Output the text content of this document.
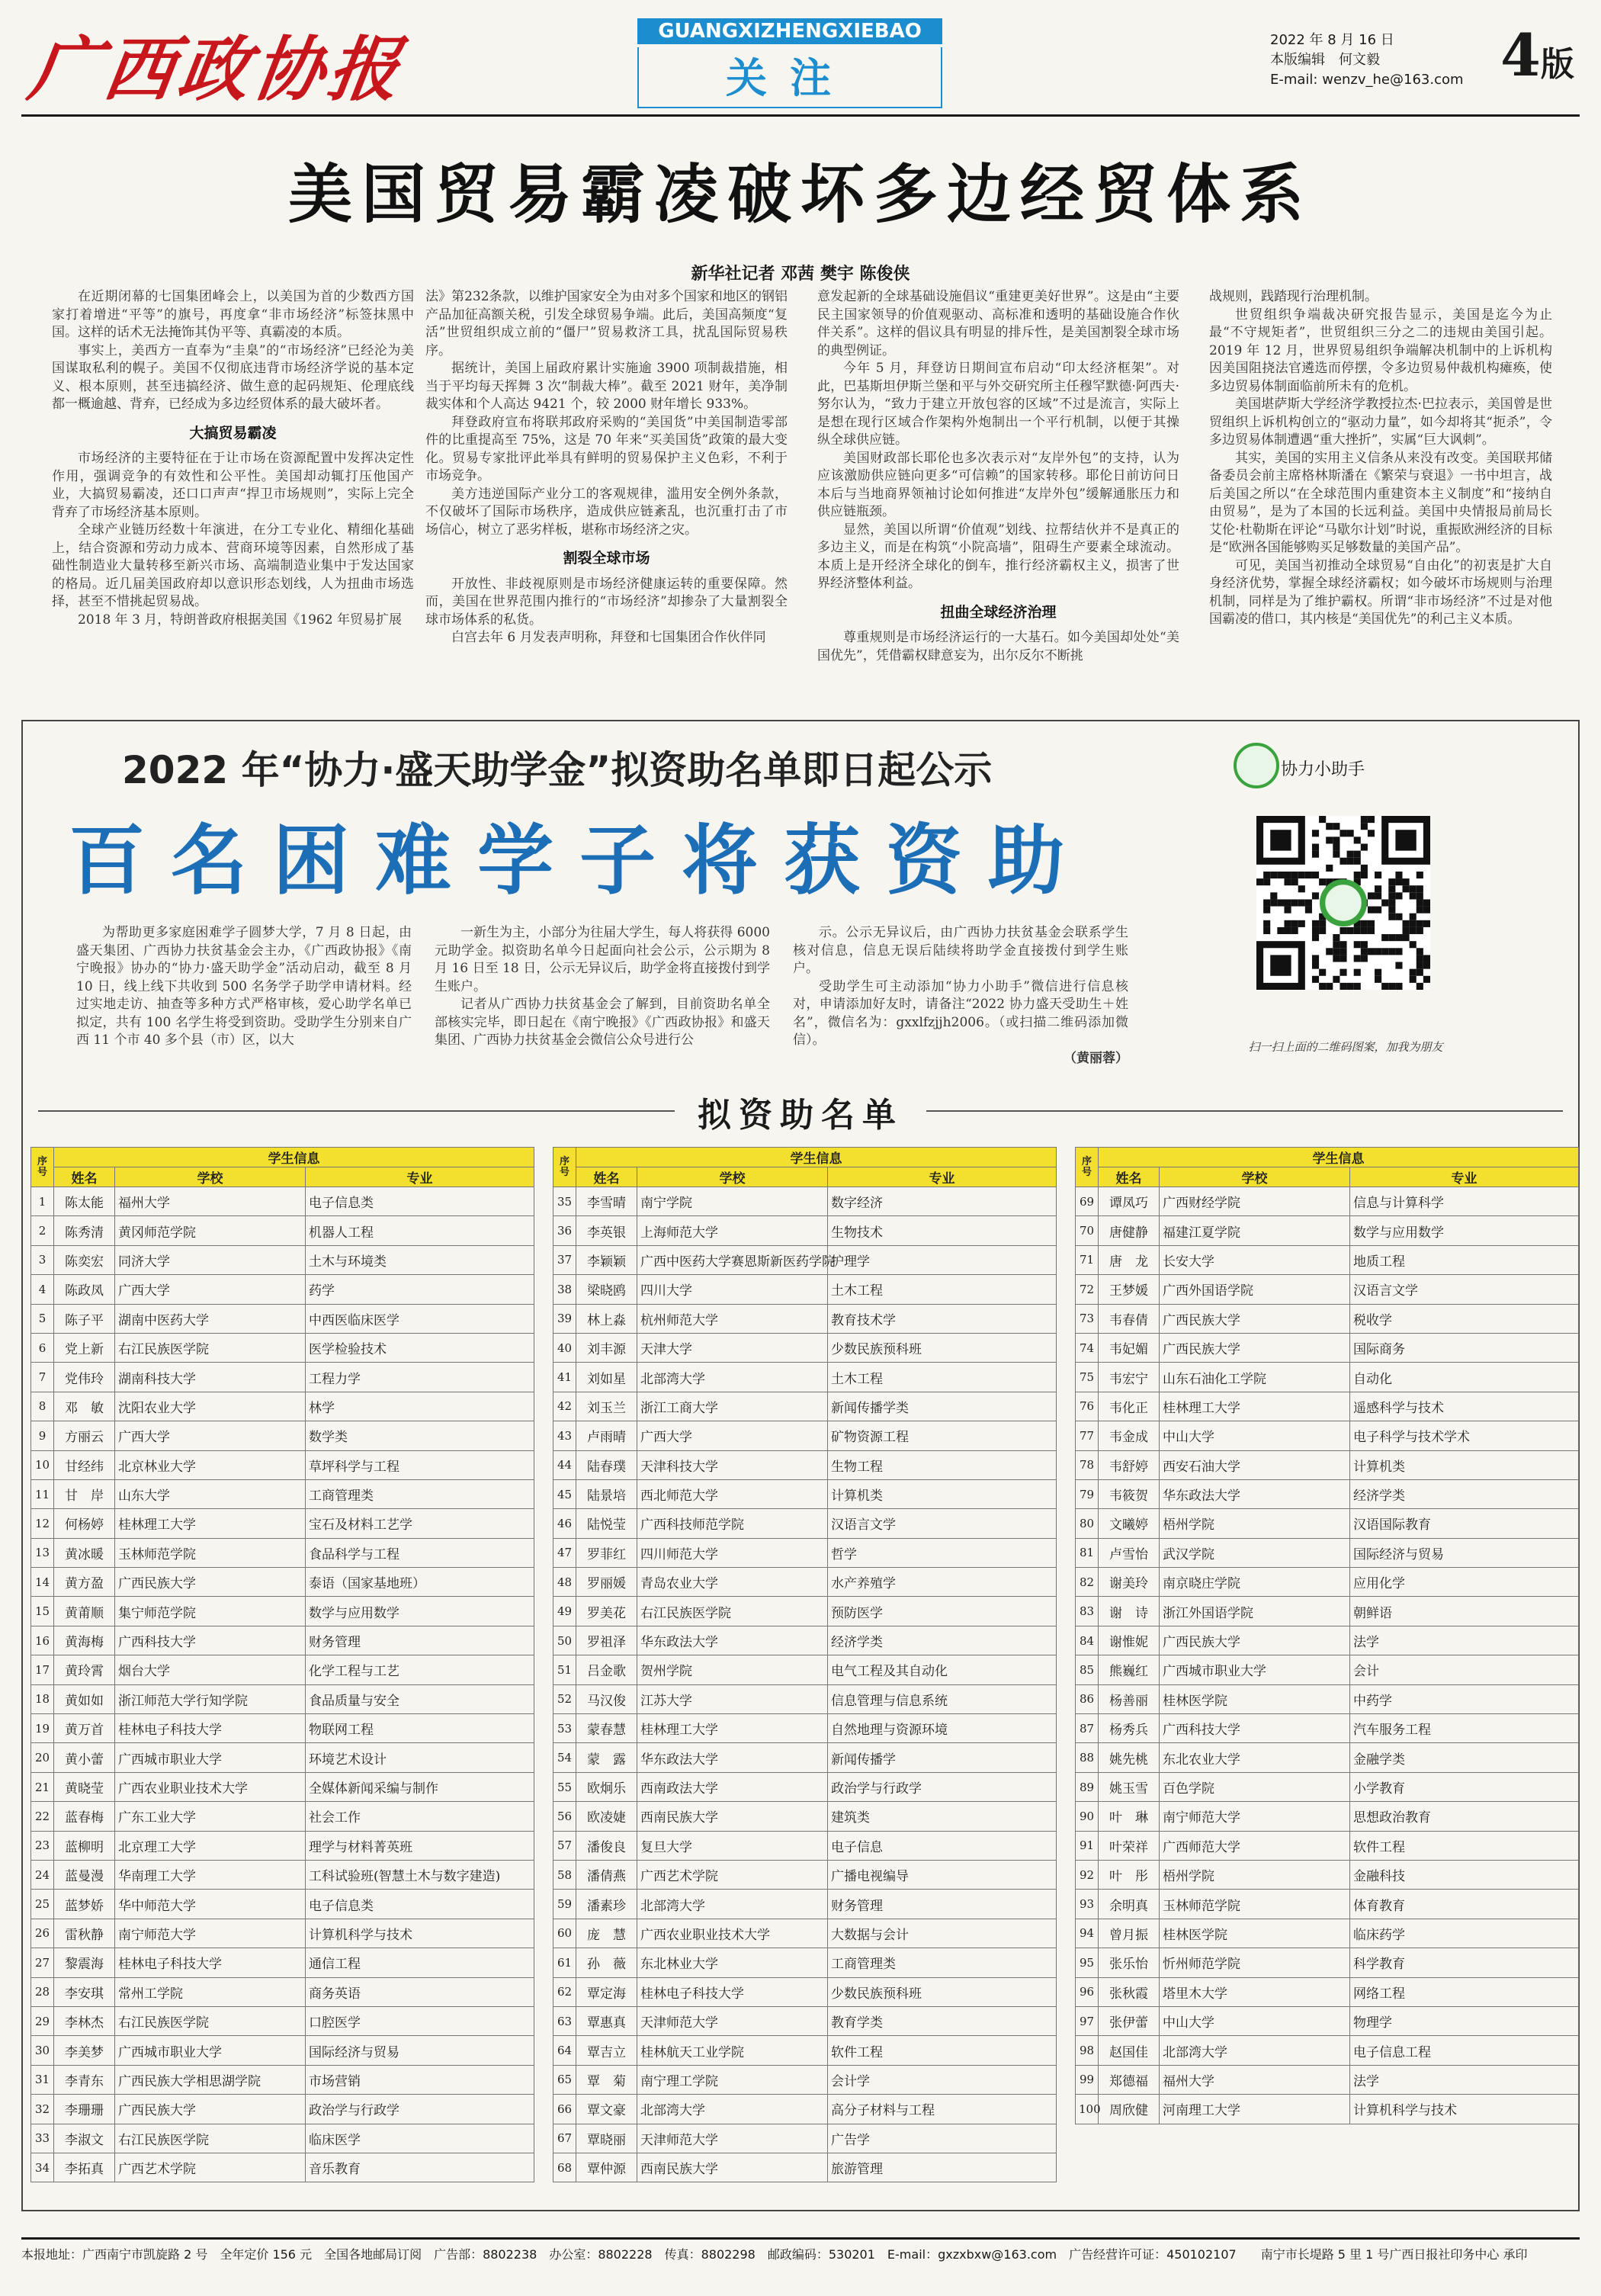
广西政协报	GUANGXIZHENGXIEBAO
关注
2022 年 8 月 16 日
本版编辑　何文毅
E-mail: wenzv_he@163.com 4版
美国贸易霸凌破坏多边经贸体系
新华社记者 邓茜 樊宇 陈俊侠

在近期闭幕的七国集团峰会上，以美国为首的少数西方国家打着增进“平等”的旗号，再度拿“非市场经济”标签抹黑中国。这样的话术无法掩饰其伪平等、真霸凌的本质。

事实上，美西方一直奉为“圭臬”的“市场经济”已经沦为美国谋取私利的幌子。美国不仅彻底违背市场经济学说的基本定义、根本原则，甚至违搞经济、做生意的起码规矩、伦理底线都一概逾越、背弃，已经成为多边经贸体系的最大破坏者。

大搞贸易霸凌

市场经济的主要特征在于让市场在资源配置中发挥决定性作用，强调竞争的有效性和公平性。美国却动辄打压他国产业，大搞贸易霸凌，还口口声声“捍卫市场规则”，实际上完全背弃了市场经济基本原则。

全球产业链历经数十年演进，在分工专业化、精细化基础上，结合资源和劳动力成本、营商环境等因素，自然形成了基础性制造业大量转移至新兴市场、高端制造业集中于发达国家的格局。近几届美国政府却以意识形态划线，人为扭曲市场选择，甚至不惜挑起贸易战。

2018 年 3 月，特朗普政府根据美国《1962 年贸易扩展

法》第232条款，以维护国家安全为由对多个国家和地区的钢铝产品加征高额关税，引发全球贸易争端。此后，美国高频度“复活”世贸组织成立前的“僵尸”贸易救济工具，扰乱国际贸易秩序。

据统计，美国上届政府累计实施逾 3900 项制裁措施，相当于平均每天挥舞 3 次“制裁大棒”。截至 2021 财年，美净制裁实体和个人高达 9421 个，较 2000 财年增长 933%。

拜登政府宣布将联邦政府采购的“美国货”中美国制造零部件的比重提高至 75%，这是 70 年来“买美国货”政策的最大变化。贸易专家批评此举具有鲜明的贸易保护主义色彩，不利于市场竞争。

美方违逆国际产业分工的客观规律，滥用安全例外条款，不仅破坏了国际市场秩序，造成供应链紊乱，也沉重打击了市场信心，树立了恶劣样板，堪称市场经济之灾。

割裂全球市场

开放性、非歧视原则是市场经济健康运转的重要保障。然而，美国在世界范围内推行的“市场经济”却掺杂了大量割裂全球市场体系的私货。

白宫去年 6 月发表声明称，拜登和七国集团合作伙伴同

意发起新的全球基础设施倡议“重建更美好世界”。这是由“主要民主国家领导的价值观驱动、高标准和透明的基础设施合作伙伴关系”。这样的倡议具有明显的排斥性，是美国割裂全球市场的典型例证。

今年 5 月，拜登访日期间宣布启动“印太经济框架”。对此，巴基斯坦伊斯兰堡和平与外交研究所主任穆罕默德·阿西夫·努尔认为，“致力于建立开放包容的区域”不过是流言，实际上是想在现行区域合作架构外炮制出一个平行机制，以便于其操纵全球供应链。

美国财政部长耶伦也多次表示对“友岸外包”的支持，认为应该激励供应链向更多“可信赖”的国家转移。耶伦日前访问日本后与当地商界领袖讨论如何推进“友岸外包”缓解通胀压力和供应链瓶颈。

显然，美国以所谓“价值观”划线、拉帮结伙并不是真正的多边主义，而是在构筑“小院高墙”，阻碍生产要素全球流动。本质上是开经济全球化的倒车，推行经济霸权主义，损害了世界经济整体利益。

扭曲全球经济治理

尊重规则是市场经济运行的一大基石。如今美国却处处“美国优先”，凭借霸权肆意妄为，出尔反尔不断挑

战规则，践踏现行治理机制。

世贸组织争端裁决研究报告显示，美国是迄今为止最“不守规矩者”，世贸组织三分之二的违规由美国引起。2019 年 12 月，世界贸易组织争端解决机制中的上诉机构因美国阻挠法官遴选而停摆，令多边贸易仲裁机构瘫痪，使多边贸易体制面临前所未有的危机。

美国堪萨斯大学经济学教授拉杰·巴拉表示，美国曾是世贸组织上诉机构创立的“驱动力量”，如今却将其“扼杀”，令多边贸易体制遭遇“重大挫折”，实属“巨大讽刺”。

其实，美国的实用主义信条从来没有改变。美国联邦储备委员会前主席格林斯潘在《繁荣与衰退》一书中坦言，战后美国之所以“在全球范围内重建资本主义制度”和“接纳自由贸易”，是为了本国的长远利益。美国中央情报局前局长艾伦·杜勒斯在评论“马歇尔计划”时说，重振欧洲经济的目标是“欧洲各国能够购买足够数量的美国产品”。

可见，美国当初推动全球贸易“自由化”的初衷是扩大自身经济优势，掌握全球经济霸权；如今破坏市场规则与治理机制，同样是为了维护霸权。所谓“非市场经济”不过是对他国霸凌的借口，其内核是“美国优先”的利己主义本质。

2022 年“协力·盛天助学金”拟资助名单即日起公示
百名困难学子将获资助
协力小助手
扫一扫上面的二维码图案，加我为朋友

为帮助更多家庭困难学子圆梦大学，7 月 8 日起，由盛天集团、广西协力扶贫基金会主办，《广西政协报》《南宁晚报》协办的“协力·盛天助学金”活动启动，截至 8 月 10 日，线上线下共收到 500 名务学子助学申请材料。经过实地走访、抽查等多种方式严格审核，爱心助学名单已拟定，共有 100 名学生将受到资助。受助学生分别来自广西 11 个市 40 多个县（市）区，以大

一新生为主，小部分为往届大学生，每人将获得 6000 元助学金。拟资助名单今日起面向社会公示，公示期为 8 月 16 日至 18 日，公示无异议后，助学金将直接拨付到学生账户。

记者从广西协力扶贫基金会了解到，目前资助名单全部核实完毕，即日起在《南宁晚报》《广西政协报》和盛天集团、广西协力扶贫基金会微信公众号进行公

示。公示无异议后，由广西协力扶贫基金会联系学生核对信息，信息无误后陆续将助学金直接拨付到学生账户。

受助学生可主动添加“协力小助手”微信进行信息核对，申请添加好友时，请备注“2022 协力盛天受助生＋姓名”，微信名为：gxxlfzjjh2006。（或扫描二维码添加微信）。
（黄丽蓉）

拟资助名单
序号	学生信息		
	姓名	学校	专业
1	陈太能	福州大学	电子信息类
2	陈秀清	黄冈师范学院	机器人工程
3	陈奕宏	同济大学	土木与环境类
4	陈政凤	广西大学	药学
5	陈子平	湖南中医药大学	中西医临床医学
6	党上新	右江民族医学院	医学检验技术
7	党伟玲	湖南科技大学	工程力学
8	邓　敏	沈阳农业大学	林学
9	方丽云	广西大学	数学类
10	甘经纬	北京林业大学	草坪科学与工程
11	甘　岸	山东大学	工商管理类
12	何杨婷	桂林理工大学	宝石及材料工艺学
13	黄冰暖	玉林师范学院	食品科学与工程
14	黄方盈	广西民族大学	泰语（国家基地班）
15	黄莆顺	集宁师范学院	数学与应用数学
16	黄海梅	广西科技大学	财务管理
17	黄玲霄	烟台大学	化学工程与工艺
18	黄如如	浙江师范大学行知学院	食品质量与安全
19	黄万首	桂林电子科技大学	物联网工程
20	黄小蕾	广西城市职业大学	环境艺术设计
21	黄晓莹	广西农业职业技术大学	全媒体新闻采编与制作
22	蓝春梅	广东工业大学	社会工作
23	蓝柳明	北京理工大学	理学与材料菁英班
24	蓝曼漫	华南理工大学	工科试验班(智慧土木与数字建造)
25	蓝梦娇	华中师范大学	电子信息类
26	雷秋静	南宁师范大学	计算机科学与技术
27	黎震海	桂林电子科技大学	通信工程
28	李安琪	常州工学院	商务英语
29	李林杰	右江民族医学院	口腔医学
30	李美梦	广西城市职业大学	国际经济与贸易
31	李青东	广西民族大学相思湖学院	市场营销
32	李珊珊	广西民族大学	政治学与行政学
33	李淑文	右江民族医学院	临床医学
34	李拓真	广西艺术学院	音乐教育
序号	学生信息		
	姓名	学校	专业
35	李雪晴	南宁学院	数字经济
36	李英银	上海师范大学	生物技术
37	李颖颖	广西中医药大学赛恩斯新医药学院	护理学
38	梁晓鸥	四川大学	土木工程
39	林上淼	杭州师范大学	教育技术学
40	刘丰源	天津大学	少数民族预科班
41	刘如星	北部湾大学	土木工程
42	刘玉兰	浙江工商大学	新闻传播学类
43	卢雨晴	广西大学	矿物资源工程
44	陆春璞	天津科技大学	生物工程
45	陆景培	西北师范大学	计算机类
46	陆悦莹	广西科技师范学院	汉语言文学
47	罗菲红	四川师范大学	哲学
48	罗丽媛	青岛农业大学	水产养殖学
49	罗美花	右江民族医学院	预防医学
50	罗祖泽	华东政法大学	经济学类
51	吕金歌	贺州学院	电气工程及其自动化
52	马汉俊	江苏大学	信息管理与信息系统
53	蒙春慧	桂林理工大学	自然地理与资源环境
54	蒙　露	华东政法大学	新闻传播学
55	欧炯乐	西南政法大学	政治学与行政学
56	欧凌婕	西南民族大学	建筑类
57	潘俊良	复旦大学	电子信息
58	潘倩燕	广西艺术学院	广播电视编导
59	潘素珍	北部湾大学	财务管理
60	庞　慧	广西农业职业技术大学	大数据与会计
61	孙　薇	东北林业大学	工商管理类
62	覃定海	桂林电子科技大学	少数民族预科班
63	覃惠真	天津师范大学	教育学类
64	覃吉立	桂林航天工业学院	软件工程
65	覃　菊	南宁理工学院	会计学
66	覃文豪	北部湾大学	高分子材料与工程
67	覃晓丽	天津师范大学	广告学
68	覃仲源	西南民族大学	旅游管理
序号	学生信息		
	姓名	学校	专业
69	谭凤巧	广西财经学院	信息与计算科学
70	唐健静	福建江夏学院	数学与应用数学
71	唐　龙	长安大学	地质工程
72	王梦媛	广西外国语学院	汉语言文学
73	韦春倩	广西民族大学	税收学
74	韦妃媚	广西民族大学	国际商务
75	韦宏宁	山东石油化工学院	自动化
76	韦化正	桂林理工大学	遥感科学与技术
77	韦金成	中山大学	电子科学与技术学术
78	韦舒婷	西安石油大学	计算机类
79	韦筱贺	华东政法大学	经济学类
80	文曦婷	梧州学院	汉语国际教育
81	卢雪怡	武汉学院	国际经济与贸易
82	谢美玲	南京晓庄学院	应用化学
83	谢　诗	浙江外国语学院	朝鲜语
84	谢惟妮	广西民族大学	法学
85	熊巍红	广西城市职业大学	会计
86	杨善丽	桂林医学院	中药学
87	杨秀兵	广西科技大学	汽车服务工程
88	姚先桃	东北农业大学	金融学类
89	姚玉雪	百色学院	小学教育
90	叶　琳	南宁师范大学	思想政治教育
91	叶荣祥	广西师范大学	软件工程
92	叶　彤	梧州学院	金融科技
93	余明真	玉林师范学院	体育教育
94	曾月振	桂林医学院	临床药学
95	张乐怡	忻州师范学院	科学教育
96	张秋霞	塔里木大学	网络工程
97	张伊蕾	中山大学	物理学
98	赵国佳	北部湾大学	电子信息工程
99	郑德福	福州大学	法学
100	周欣健	河南理工大学	计算机科学与技术
本报地址：广西南宁市凯旋路 2 号　全年定价 156 元　全国各地邮局订阅　广告部：8802238　办公室：8802228　传真：8802298　邮政编码：530201　E-mail：gxzxbxw@163.com　广告经营许可证：450102107　　南宁市长堤路 5 里 1 号广西日报社印务中心 承印
